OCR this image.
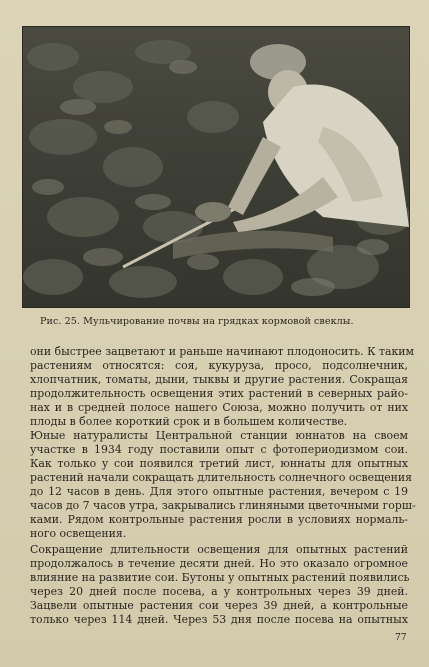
Рис. 25. Мульчирование почвы на грядках кормовой свеклы.
они быстрее зацветают и раньше начинают плодоносить. К таким
растениям относятся: соя, кукуруза, просо, подсолнечник,
хлопчатник, томаты, дыни, тыквы и другие растения. Сокращая
продолжительность освещения этих растений в северных райо-
нах и в средней полосе нашего Союза, можно получить от них
плоды в более короткий срок и в большем количестве.
Юные натуралисты Центральной станции юннатов на своем
участке в 1934 году поставили опыт с фотопериодизмом сои.
Как только у сои появился третий лист, юннаты для опытных
растений начали сокращать длительность солнечного освещения
до 12 часов в день. Для этого опытные растения, вечером с 19
часов до 7 часов утра, закрывались глиняными цветочными горш-
ками. Рядом контрольные растения росли в условиях нормаль-
ного освещения.
Сокращение длительности освещения для опытных растений
продолжалось в течение десяти дней. Но это оказало огромное
влияние на развитие сои. Бутоны у опытных растений появились
через 20 дней после посева, а у контрольных через 39 дней.
Зацвели опытные растения сои через 39 дней, а контрольные
только через 114 дней. Через 53 дня после посева на опытных
77
